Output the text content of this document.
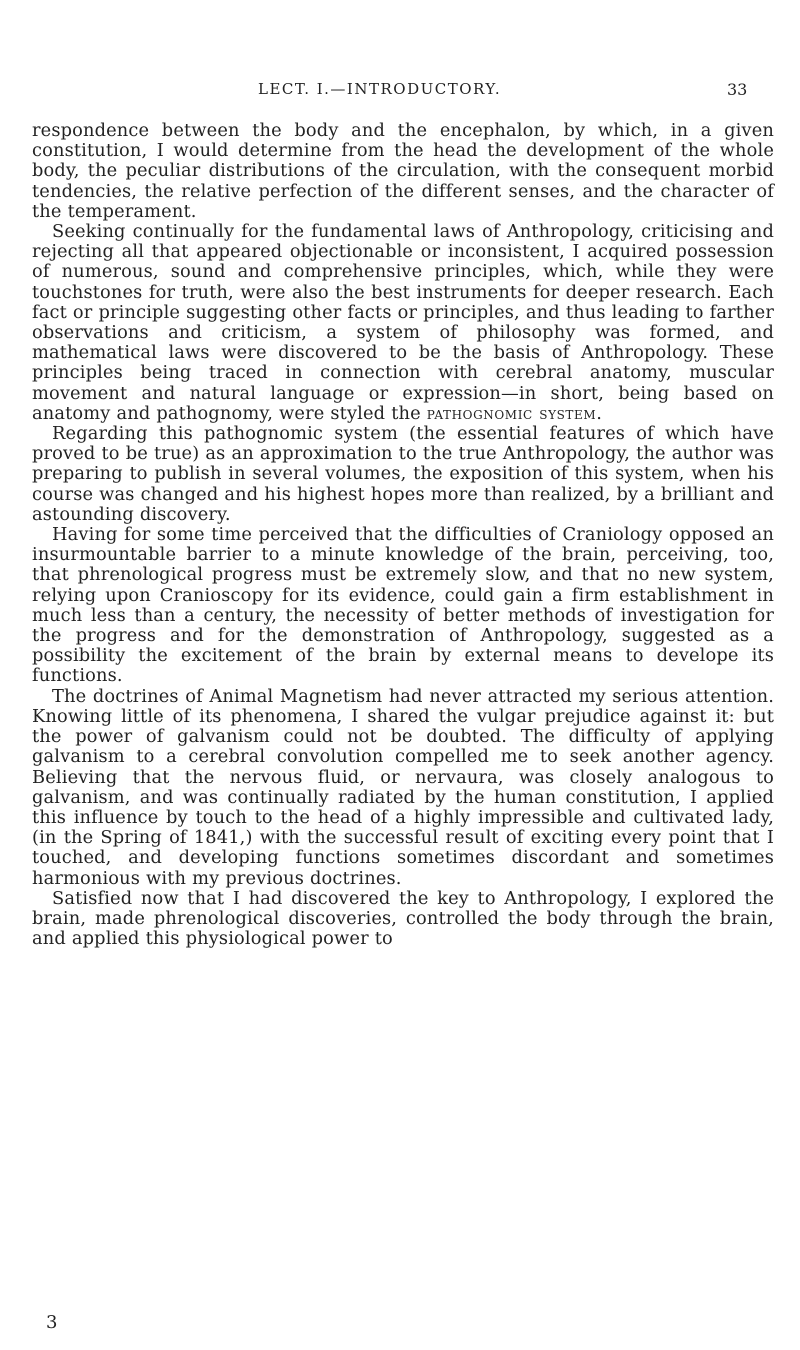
LECT. I.—INTRODUCTORY.	33

respondence between the body and the encephalon, by which, in a given constitution, I would determine from the head the development of the whole body, the peculiar distributions of the circulation, with the consequent morbid tendencies, the relative perfection of the different senses, and the character of the temperament.

Seeking continually for the fundamental laws of Anthropology, criticising and rejecting all that appeared objectionable or inconsistent, I acquired possession of numerous, sound and comprehensive principles, which, while they were touchstones for truth, were also the best instruments for deeper research. Each fact or principle suggesting other facts or principles, and thus leading to farther observations and criticism, a system of philosophy was formed, and mathematical laws were discovered to be the basis of Anthropology. These principles being traced in connection with cerebral anatomy, muscular movement and natural language or expression—in short, being based on anatomy and pathognomy, were styled the pathognomic system.

Regarding this pathognomic system (the essential features of which have proved to be true) as an approximation to the true Anthropology, the author was preparing to publish in several volumes, the exposition of this system, when his course was changed and his highest hopes more than realized, by a brilliant and astounding discovery.

Having for some time perceived that the difficulties of Craniology opposed an insurmountable barrier to a minute knowledge of the brain, perceiving, too, that phrenological progress must be extremely slow, and that no new system, relying upon Cranioscopy for its evidence, could gain a firm establishment in much less than a century, the necessity of better methods of investigation for the progress and for the demonstration of Anthropology, suggested as a possibility the excitement of the brain by external means to develope its functions.

The doctrines of Animal Magnetism had never attracted my serious attention. Knowing little of its phenomena, I shared the vulgar prejudice against it: but the power of galvanism could not be doubted. The difficulty of applying galvanism to a cerebral convolution compelled me to seek another agency. Believing that the nervous fluid, or nervaura, was closely analogous to galvanism, and was continually radiated by the human constitution, I applied this influence by touch to the head of a highly impressible and cultivated lady, (in the Spring of 1841,) with the successful result of exciting every point that I touched, and developing functions sometimes discordant and sometimes harmonious with my previous doctrines.

Satisfied now that I had discovered the key to Anthropology, I explored the brain, made phrenological discoveries, controlled the body through the brain, and applied this physiological power to

3
